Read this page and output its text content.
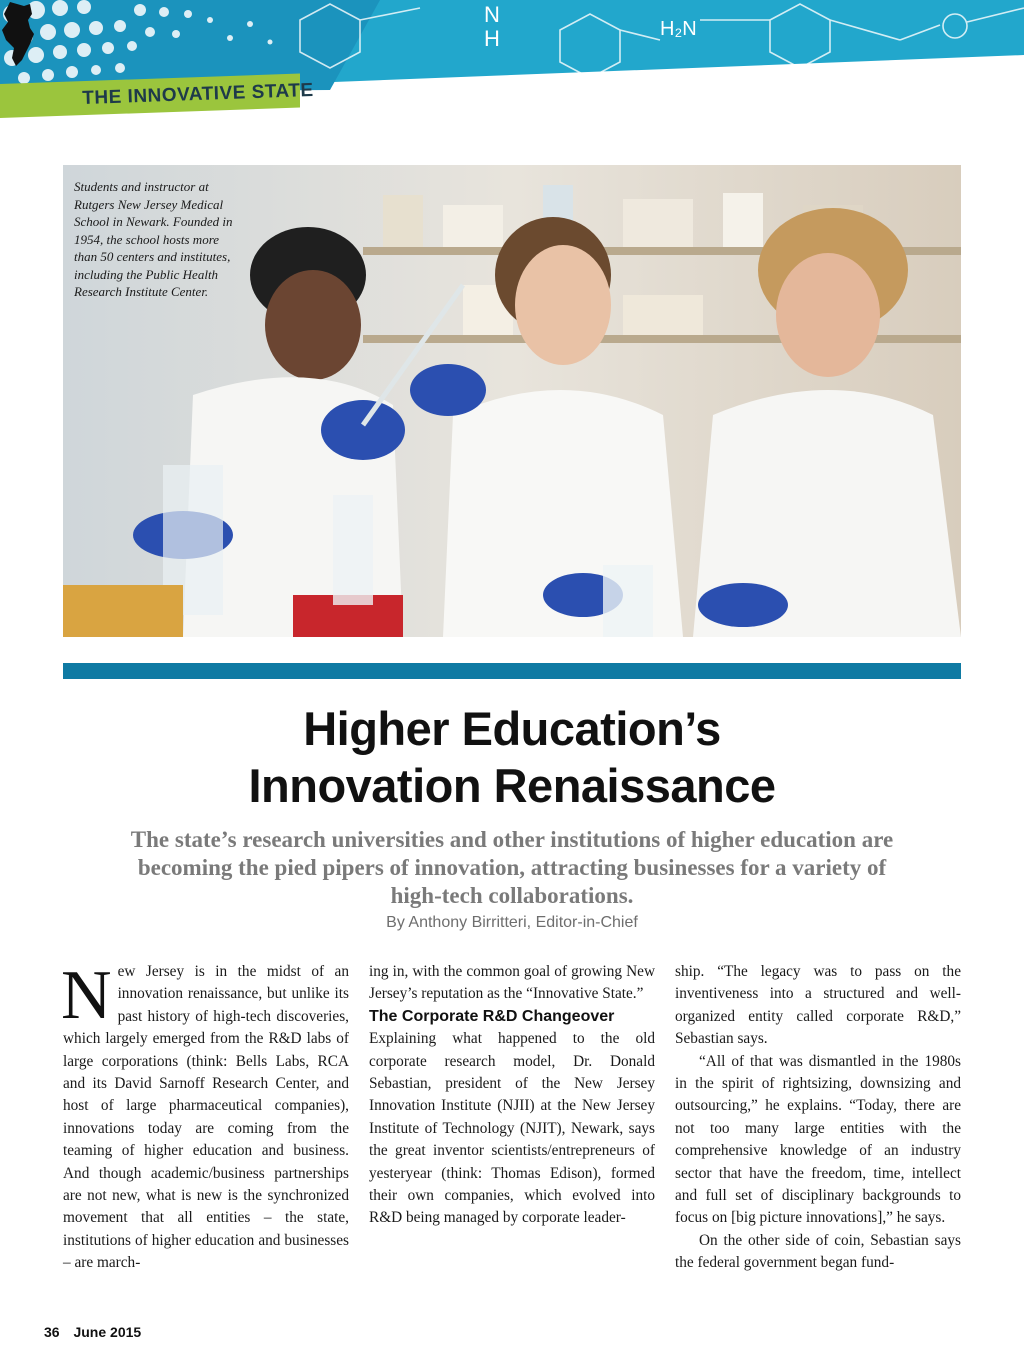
N
H	H₂N
THE INNOVATIVE STATE
Students and instructor at Rutgers New Jersey Medical School in Newark. Founded in 1954, the school hosts more than 50 centers and institutes, including the Public Health Research Institute Center.
Higher Education’s
Innovation Renaissance
The state’s research universities and other institutions of higher education are becoming the pied pipers of innovation, attracting businesses for a variety of high-tech collaborations.
By Anthony Birritteri, Editor-in-Chief

New Jersey is in the midst of an innovation renaissance, but unlike its past history of high-tech discoveries, which largely emerged from the R&D labs of large corporations (think: Bells Labs, RCA and its David Sarnoff Research Center, and host of large pharmaceutical companies), innovations today are coming from the teaming of higher education and business. And though academic/business partnerships are not new, what is new is the synchronized movement that all entities – the state, institutions of higher education and businesses – are march-

ing in, with the common goal of growing New Jersey’s reputation as the “Innovative State.”

The Corporate R&D Changeover

Explaining what happened to the old corporate research model, Dr. Donald Sebastian, president of the New Jersey Innovation Institute (NJII) at the New Jersey Institute of Technology (NJIT), Newark, says the great inventor scientists/entrepreneurs of yesteryear (think: Thomas Edison), formed their own companies, which evolved into R&D being managed by corporate leader-

ship. “The legacy was to pass on the inventiveness into a structured and well-organized entity called corporate R&D,” Sebastian says.

“All of that was dismantled in the 1980s in the spirit of rightsizing, downsizing and outsourcing,” he explains. “Today, there are not too many large entities with the comprehensive knowledge of an industry sector that have the freedom, time, intellect and full set of disciplinary backgrounds to focus on [big picture innovations],” he says.

On the other side of coin, Sebastian says the federal government began fund-

36 June 2015
